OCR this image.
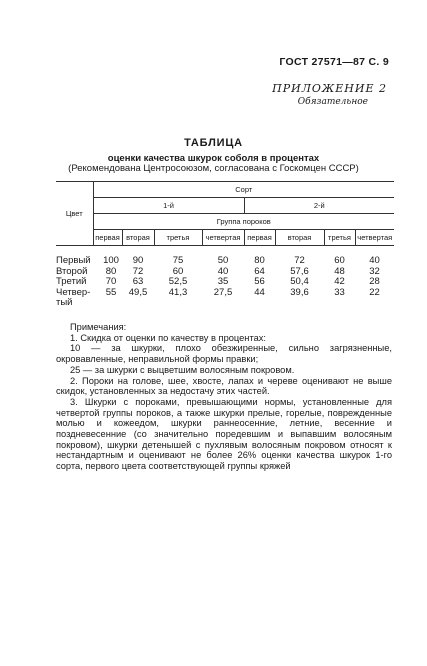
ГОСТ 27571—87 С. 9
ПРИЛОЖЕНИЕ 2
Обязательное
ТАБЛИЦА
оценки качества шкурок соболя в процентах
(Рекомендована Центросоюзом, согласована с Госкомцен СССР)
Цвет	Сорт							
	1-й				2-й			
	Группа пороков							
	первая	вторая	третья	четвертая	первая	вторая	третья	четвертая
Первый	100	90	75	50	80	72	60	40
Второй	80	72	60	40	64	57,6	48	32
Третий	70	63	52,5	35	56	50,4	42	28
Четвер-	55	49,5	41,3	27,5	44	39,6	33	22
тый

Примечания:

1. Скидка от оценки по качеству в процентах:

10 — за шкурки, плохо обезжиренные, сильно загрязненные, окровавленные, неправильной формы правки;

25 — за шкурки с выцветшим волосяным покровом.

2. Пороки на голове, шее, хвосте, лапах и череве оценивают не выше скидок, установленных за недостачу этих частей.

3. Шкурки с пороками, превышающими нормы, установленные для четвертой группы пороков, а также шкурки прелые, горелые, поврежденные молью и кожеедом, шкурки раннеосенние, летние, весенние и поздневесенние (со значительно поредевшим и выпавшим волосяным покровом), шкурки детенышей с пухлявым волосяным покровом относят к нестандартным и оценивают не более 26% оценки качества шкурок 1-го сорта, первого цвета соответствующей группы кряжей
